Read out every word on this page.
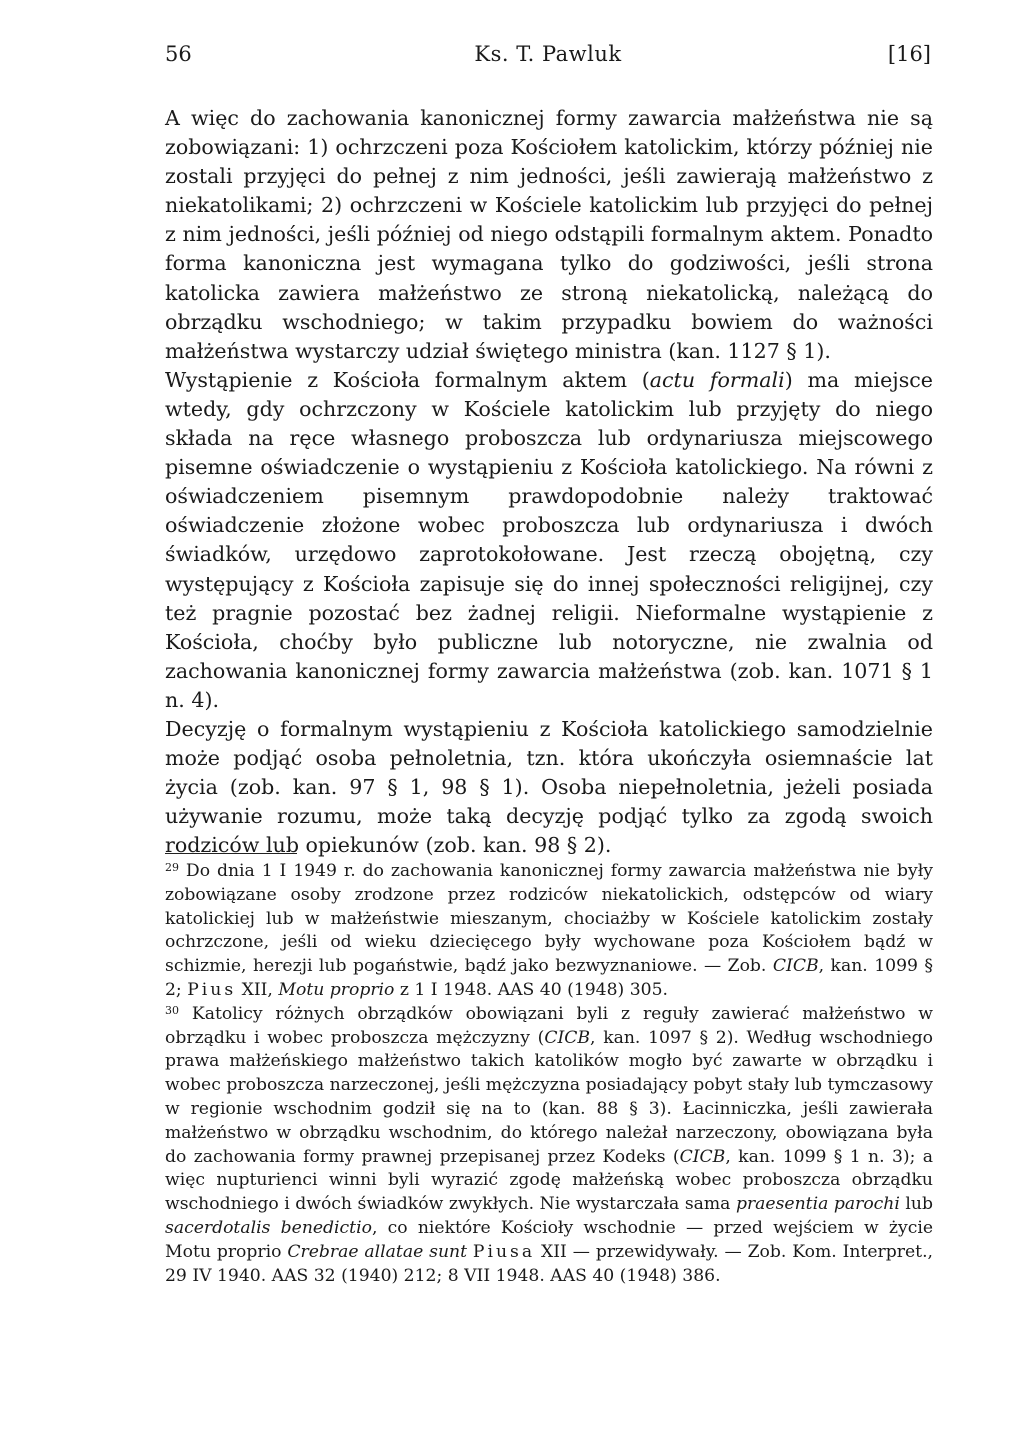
56	Ks. T. Pawluk	[16]

A więc do zachowania kanonicznej formy zawarcia małżeństwa nie są zobowiązani: 1) ochrzczeni poza Kościołem katolickim, którzy później nie zostali przyjęci do pełnej z nim jedności, jeśli zawierają małżeństwo z niekatolikami; 2) ochrzczeni w Kościele katolickim lub przyjęci do pełnej z nim jedności, jeśli później od niego odstąpili formalnym aktem. Ponadto forma kanoniczna jest wymagana tylko do godziwości, jeśli strona katolicka zawiera małżeństwo ze stroną niekatolicką, należącą do obrządku wschodniego; w takim przypadku bowiem do ważności małżeństwa wystarczy udział świętego ministra (kan. 1127 § 1).

Wystąpienie z Kościoła formalnym aktem (actu formali) ma miejsce wtedy, gdy ochrzczony w Kościele katolickim lub przyjęty do niego składa na ręce własnego proboszcza lub ordynariusza miejscowego pisemne oświadczenie o wystąpieniu z Kościoła katolickiego. Na równi z oświadczeniem pisemnym prawdopodobnie należy traktować oświadczenie złożone wobec proboszcza lub ordynariusza i dwóch świadków, urzędowo zaprotokołowane. Jest rzeczą obojętną, czy występujący z Kościoła zapisuje się do innej społeczności religijnej, czy też pragnie pozostać bez żadnej religii. Nieformalne wystąpienie z Kościoła, choćby było publiczne lub notoryczne, nie zwalnia od zachowania kanonicznej formy zawarcia małżeństwa (zob. kan. 1071 § 1 n. 4).

Decyzję o formalnym wystąpieniu z Kościoła katolickiego samodzielnie może podjąć osoba pełnoletnia, tzn. która ukończyła osiemnaście lat życia (zob. kan. 97 § 1, 98 § 1). Osoba niepełnoletnia, jeżeli posiada używanie rozumu, może taką decyzję podjąć tylko za zgodą swoich rodziców lub opiekunów (zob. kan. 98 § 2).

$^{29}$ Do dnia 1 I 1949 r. do zachowania kanonicznej formy zawarcia małżeństwa nie były zobowiązane osoby zrodzone przez rodziców niekatolickich, odstępców od wiary katolickiej lub w małżeństwie mieszanym, chociażby w Kościele katolickim zostały ochrzczone, jeśli od wieku dziecięcego były wychowane poza Kościołem bądź w schizmie, herezji lub pogaństwie, bądź jako bezwyznaniowe. — Zob. CICB, kan. 1099 § 2; Pius XII, Motu proprio z 1 I 1948. AAS 40 (1948) 305.

$^{30}$ Katolicy różnych obrządków obowiązani byli z reguły zawierać małżeństwo w obrządku i wobec proboszcza mężczyzny (CICB, kan. 1097 § 2). Według wschodniego prawa małżeńskiego małżeństwo takich katolików mogło być zawarte w obrządku i wobec proboszcza narzeczonej, jeśli mężczyzna posiadający pobyt stały lub tymczasowy w regionie wschodnim godził się na to (kan. 88 § 3). Łacinniczka, jeśli zawierała małżeństwo w obrządku wschodnim, do którego należał narzeczony, obowiązana była do zachowania formy prawnej przepisanej przez Kodeks (CICB, kan. 1099 § 1 n. 3); a więc nupturienci winni byli wyrazić zgodę małżeńską wobec proboszcza obrządku wschodniego i dwóch świadków zwykłych. Nie wystarczała sama praesentia parochi lub sacerdotalis benedictio, co niektóre Kościoły wschodnie — przed wejściem w życie Motu proprio Crebrae allatae sunt Piusa XII — przewidywały. — Zob. Kom. Interpret., 29 IV 1940. AAS 32 (1940) 212; 8 VII 1948. AAS 40 (1948) 386.
